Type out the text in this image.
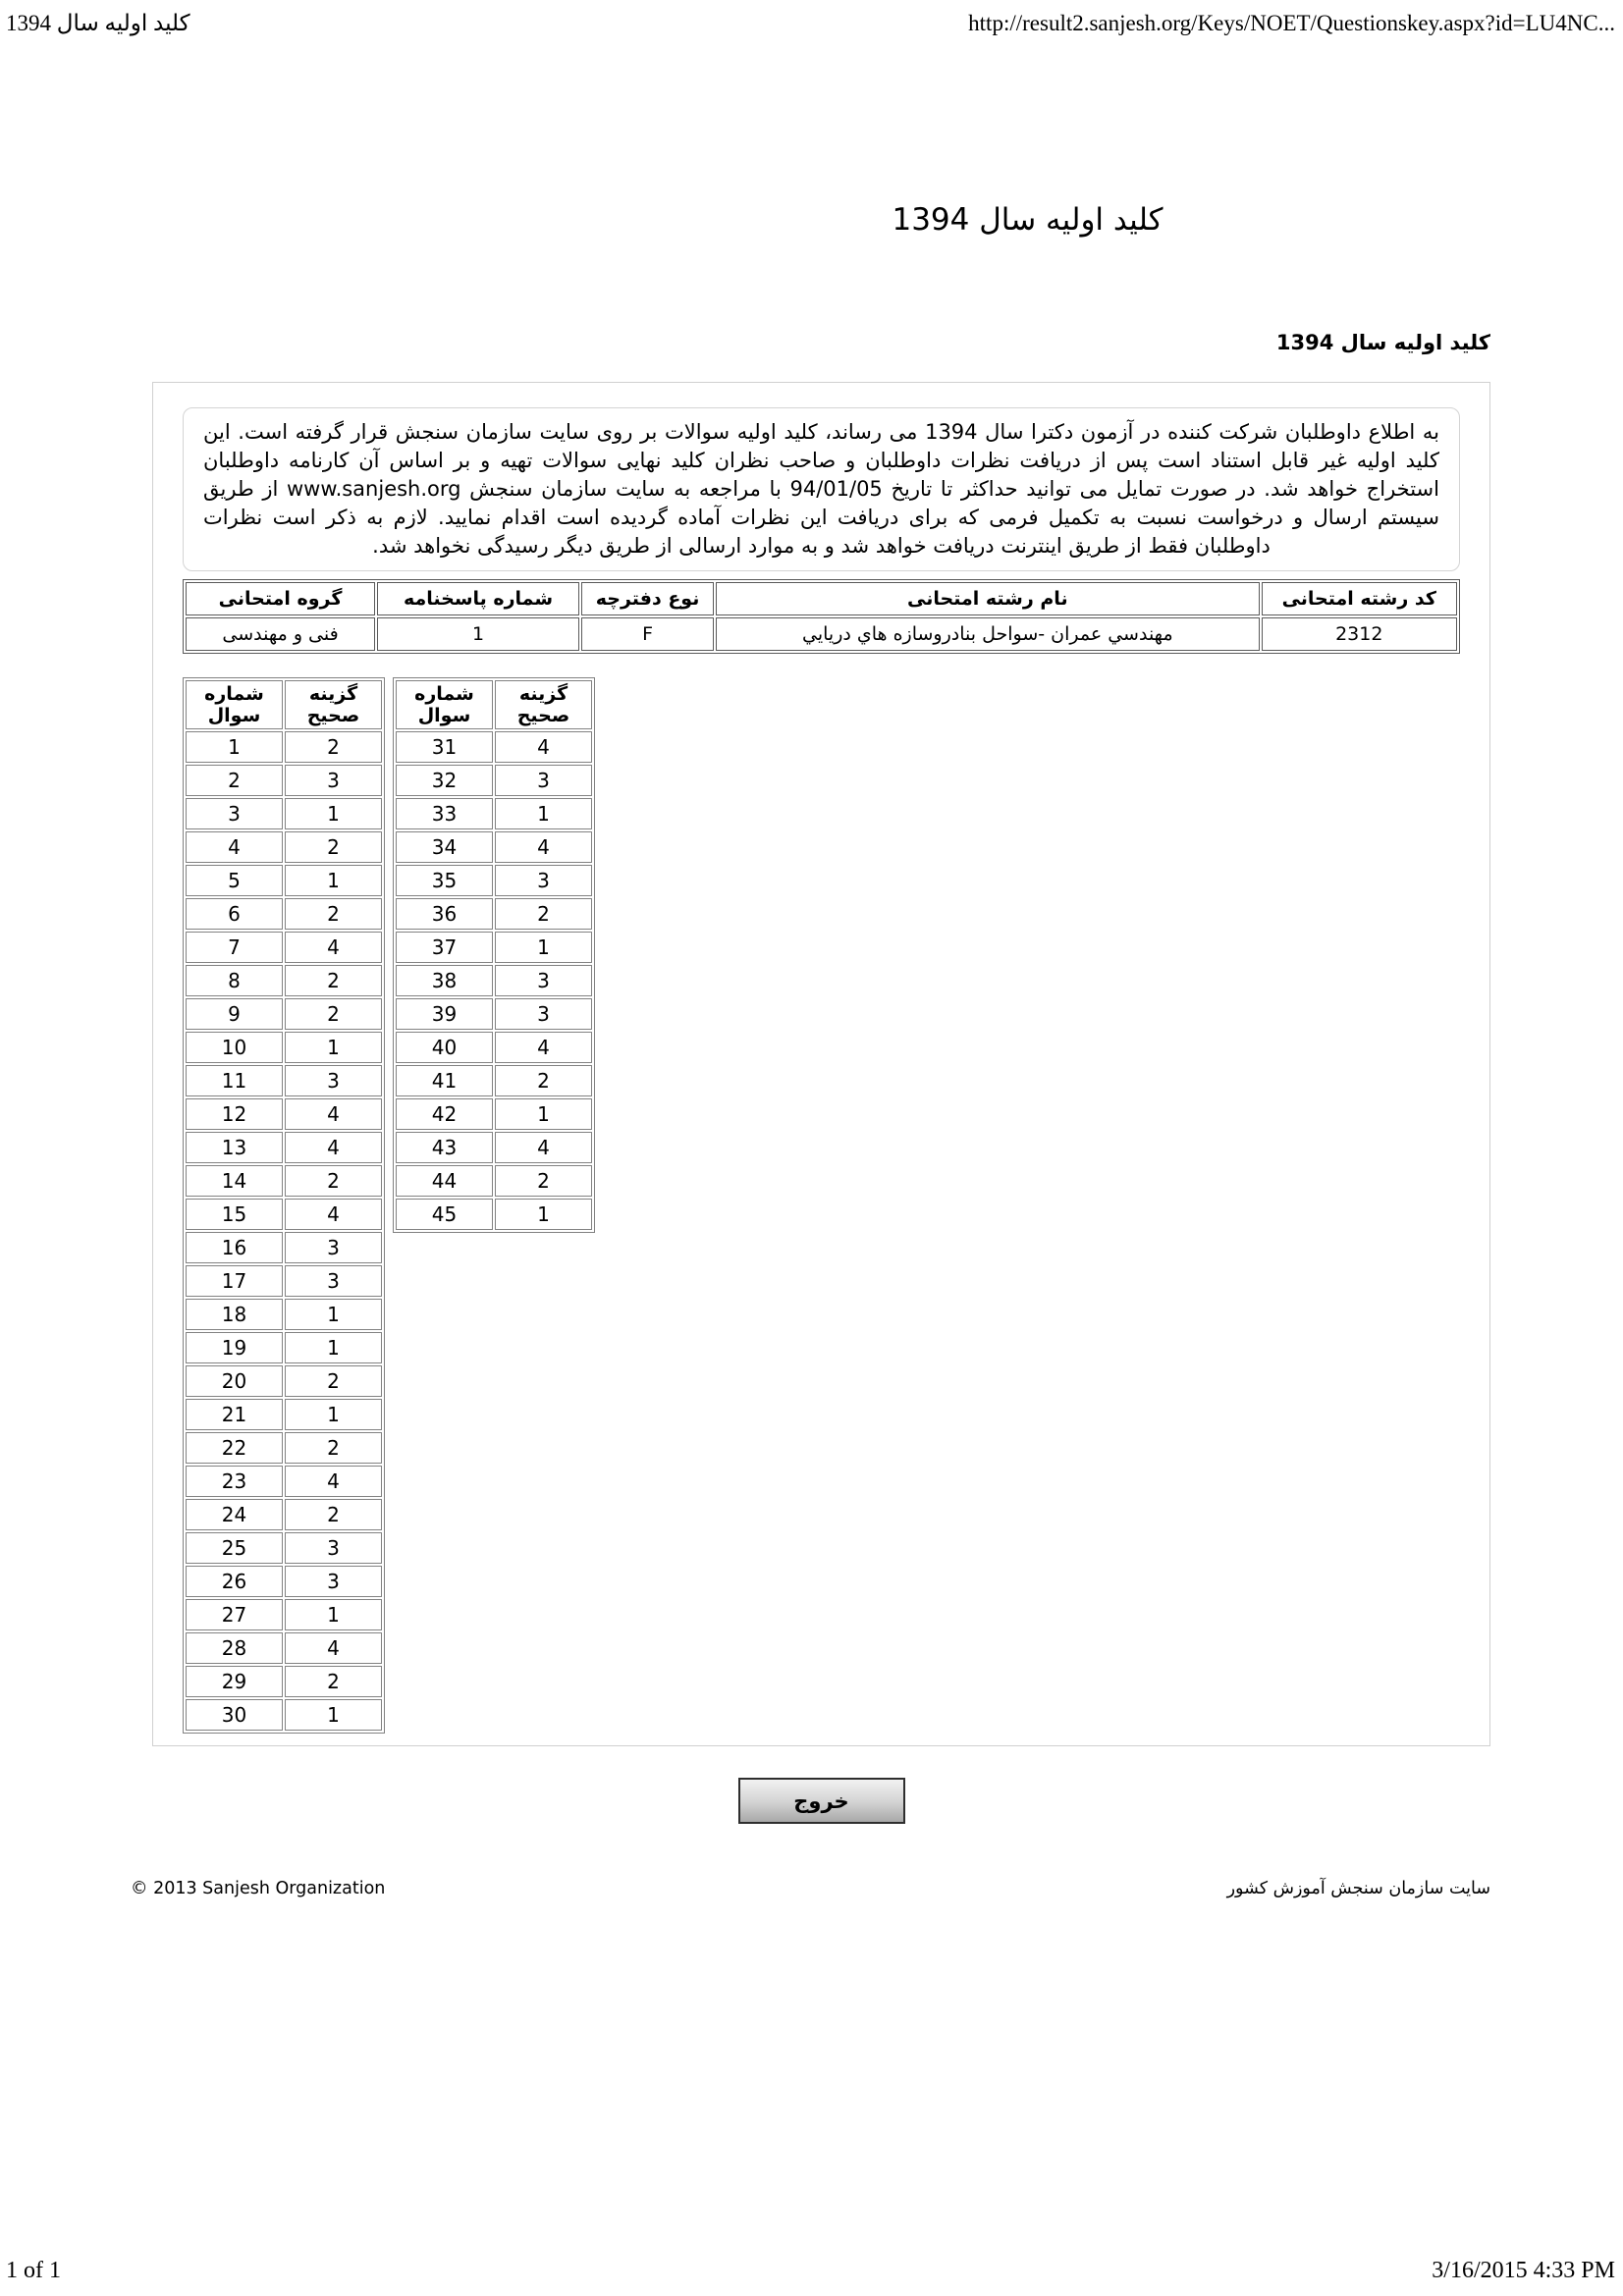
کلید اولیه سال 1394	http://result2.sanjesh.org/Keys/NOET/Questionskey.aspx?id=LU4NC...
کلید اولیه سال 1394
کلید اولیه سال 1394
به اطلاع داوطلبان شرکت کننده در آزمون دکترا سال 1394 می رساند، کلید اولیه سوالات بر روی سایت سازمان سنجش قرار گرفته است. این کلید اولیه غیر قابل استناد است پس از دریافت نظرات داوطلبان و صاحب نظران کلید نهایی سوالات تهیه و بر اساس آن کارنامه داوطلبان استخراج خواهد شد. در صورت تمایل می توانید حداکثر تا تاریخ 94/01/05 با مراجعه به سایت سازمان سنجش www.sanjesh.org از طریق سیستم ارسال و درخواست نسبت به تکمیل فرمی که برای دریافت این نظرات آماده گردیده است اقدام نمایید. لازم به ذکر است نظرات داوطلبان فقط از طریق اینترنت دریافت خواهد شد و به موارد ارسالی از طریق دیگر رسیدگی نخواهد شد.
کد رشته امتحانی	نام رشته امتحانی	نوع دفترچه	شماره پاسخنامه	گروه امتحانی
2312	مهندسي عمران -سواحل بنادروسازه هاي دريايي	F	1	فنی و مهندسی
شماره سوال	گزینه صحیح
1	2
2	3
3	1
4	2
5	1
6	2
7	4
8	2
9	2
10	1
11	3
12	4
13	4
14	2
15	4
16	3
17	3
18	1
19	1
20	2
21	1
22	2
23	4
24	2
25	3
26	3
27	1
28	4
29	2
30	1
شماره سوال	گزینه صحیح
31	4
32	3
33	1
34	4
35	3
36	2
37	1
38	3
39	3
40	4
41	2
42	1
43	4
44	2
45	1
خروج
© 2013 Sanjesh Organization	سایت سازمان سنجش آموزش کشور
1 of 1	3/16/2015 4:33 PM
